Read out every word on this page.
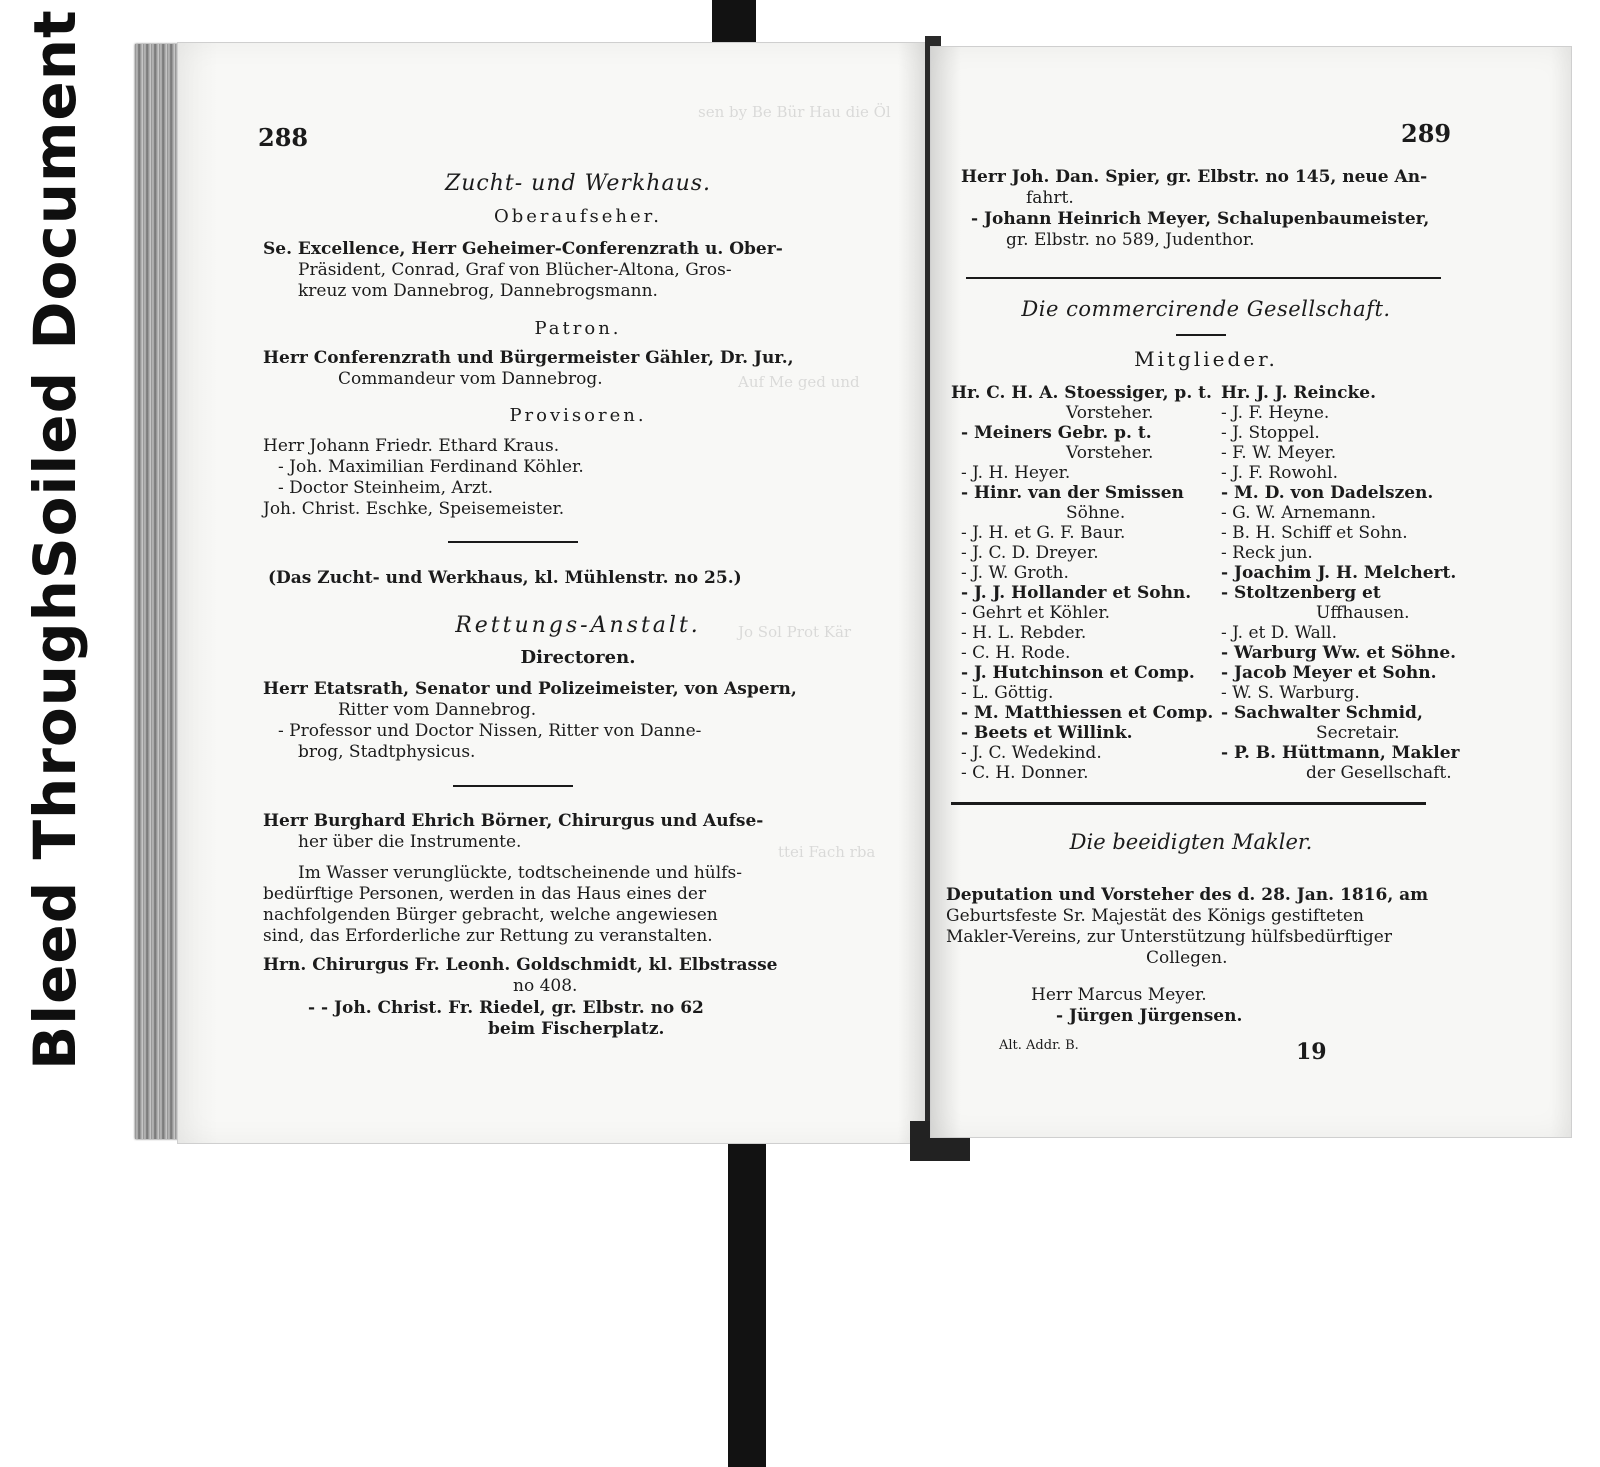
Bleed Through
Soiled Document	sen by Be Bür Hau die Öl
Auf Me ged und
Jo Sol Prot Kär
ttei Fach rba
288
Zucht- und Werkhaus.
Oberaufseher.
Se. Excellence, Herr Geheimer-Conferenzrath u. Ober-
Präsident, Conrad, Graf von Blücher-Altona, Gros-
kreuz vom Dannebrog, Dannebrogsmann.
Patron.
Herr Conferenzrath und Bürgermeister Gähler, Dr. Jur.,
Commandeur vom Dannebrog.
Provisoren.
Herr Johann Friedr. Ethard Kraus.
- Joh. Maximilian Ferdinand Köhler.
- Doctor Steinheim, Arzt.
Joh. Christ. Eschke, Speisemeister.
(Das Zucht- und Werkhaus, kl. Mühlenstr. no 25.)
Rettungs-Anstalt.
Directoren.
Herr Etatsrath, Senator und Polizeimeister, von Aspern,
Ritter vom Dannebrog.
- Professor und Doctor Nissen, Ritter von Danne-
brog, Stadtphysicus.
Herr Burghard Ehrich Börner, Chirurgus und Aufse-
her über die Instrumente.
Im Wasser verunglückte, todtscheinende und hülfs-
bedürftige Personen, werden in das Haus eines der
nachfolgenden Bürger gebracht, welche angewiesen
sind, das Erforderliche zur Rettung zu veranstalten.
Hrn. Chirurgus Fr. Leonh. Goldschmidt, kl. Elbstrasse
no 408.
- - Joh. Christ. Fr. Riedel, gr. Elbstr. no 62
beim Fischerplatz.
289
Herr Joh. Dan. Spier, gr. Elbstr. no 145, neue An-
fahrt.
- Johann Heinrich Meyer, Schalupenbaumeister,
gr. Elbstr. no 589, Judenthor.
Die commercirende Gesellschaft.
Mitglieder.
Hr. C. H. A. Stoessiger, p. t.
Vorsteher.
- Meiners Gebr. p. t.
Vorsteher.
- J. H. Heyer.
- Hinr. van der Smissen
Söhne.
- J. H. et G. F. Baur.
- J. C. D. Dreyer.
- J. W. Groth.
- J. J. Hollander et Sohn.
- Gehrt et Köhler.
- H. L. Rebder.
- C. H. Rode.
- J. Hutchinson et Comp.
- L. Göttig.
- M. Matthiessen et Comp.
- Beets et Willink.
- J. C. Wedekind.
- C. H. Donner.
Hr. J. J. Reincke.
- J. F. Heyne.
- J. Stoppel.
- F. W. Meyer.
- J. F. Rowohl.
- M. D. von Dadelszen.
- G. W. Arnemann.
- B. H. Schiff et Sohn.
- Reck jun.
- Joachim J. H. Melchert.
- Stoltzenberg et
Uffhausen.
- J. et D. Wall.
- Warburg Ww. et Söhne.
- Jacob Meyer et Sohn.
- W. S. Warburg.
- Sachwalter Schmid,
Secretair.
- P. B. Hüttmann, Makler
der Gesellschaft.
Die beeidigten Makler.
Deputation und Vorsteher des d. 28. Jan. 1816, am
Geburtsfeste Sr. Majestät des Königs gestifteten
Makler-Vereins, zur Unterstützung hülfsbedürftiger
Collegen.
Herr Marcus Meyer.
- Jürgen Jürgensen.
Alt. Addr. B.	19
